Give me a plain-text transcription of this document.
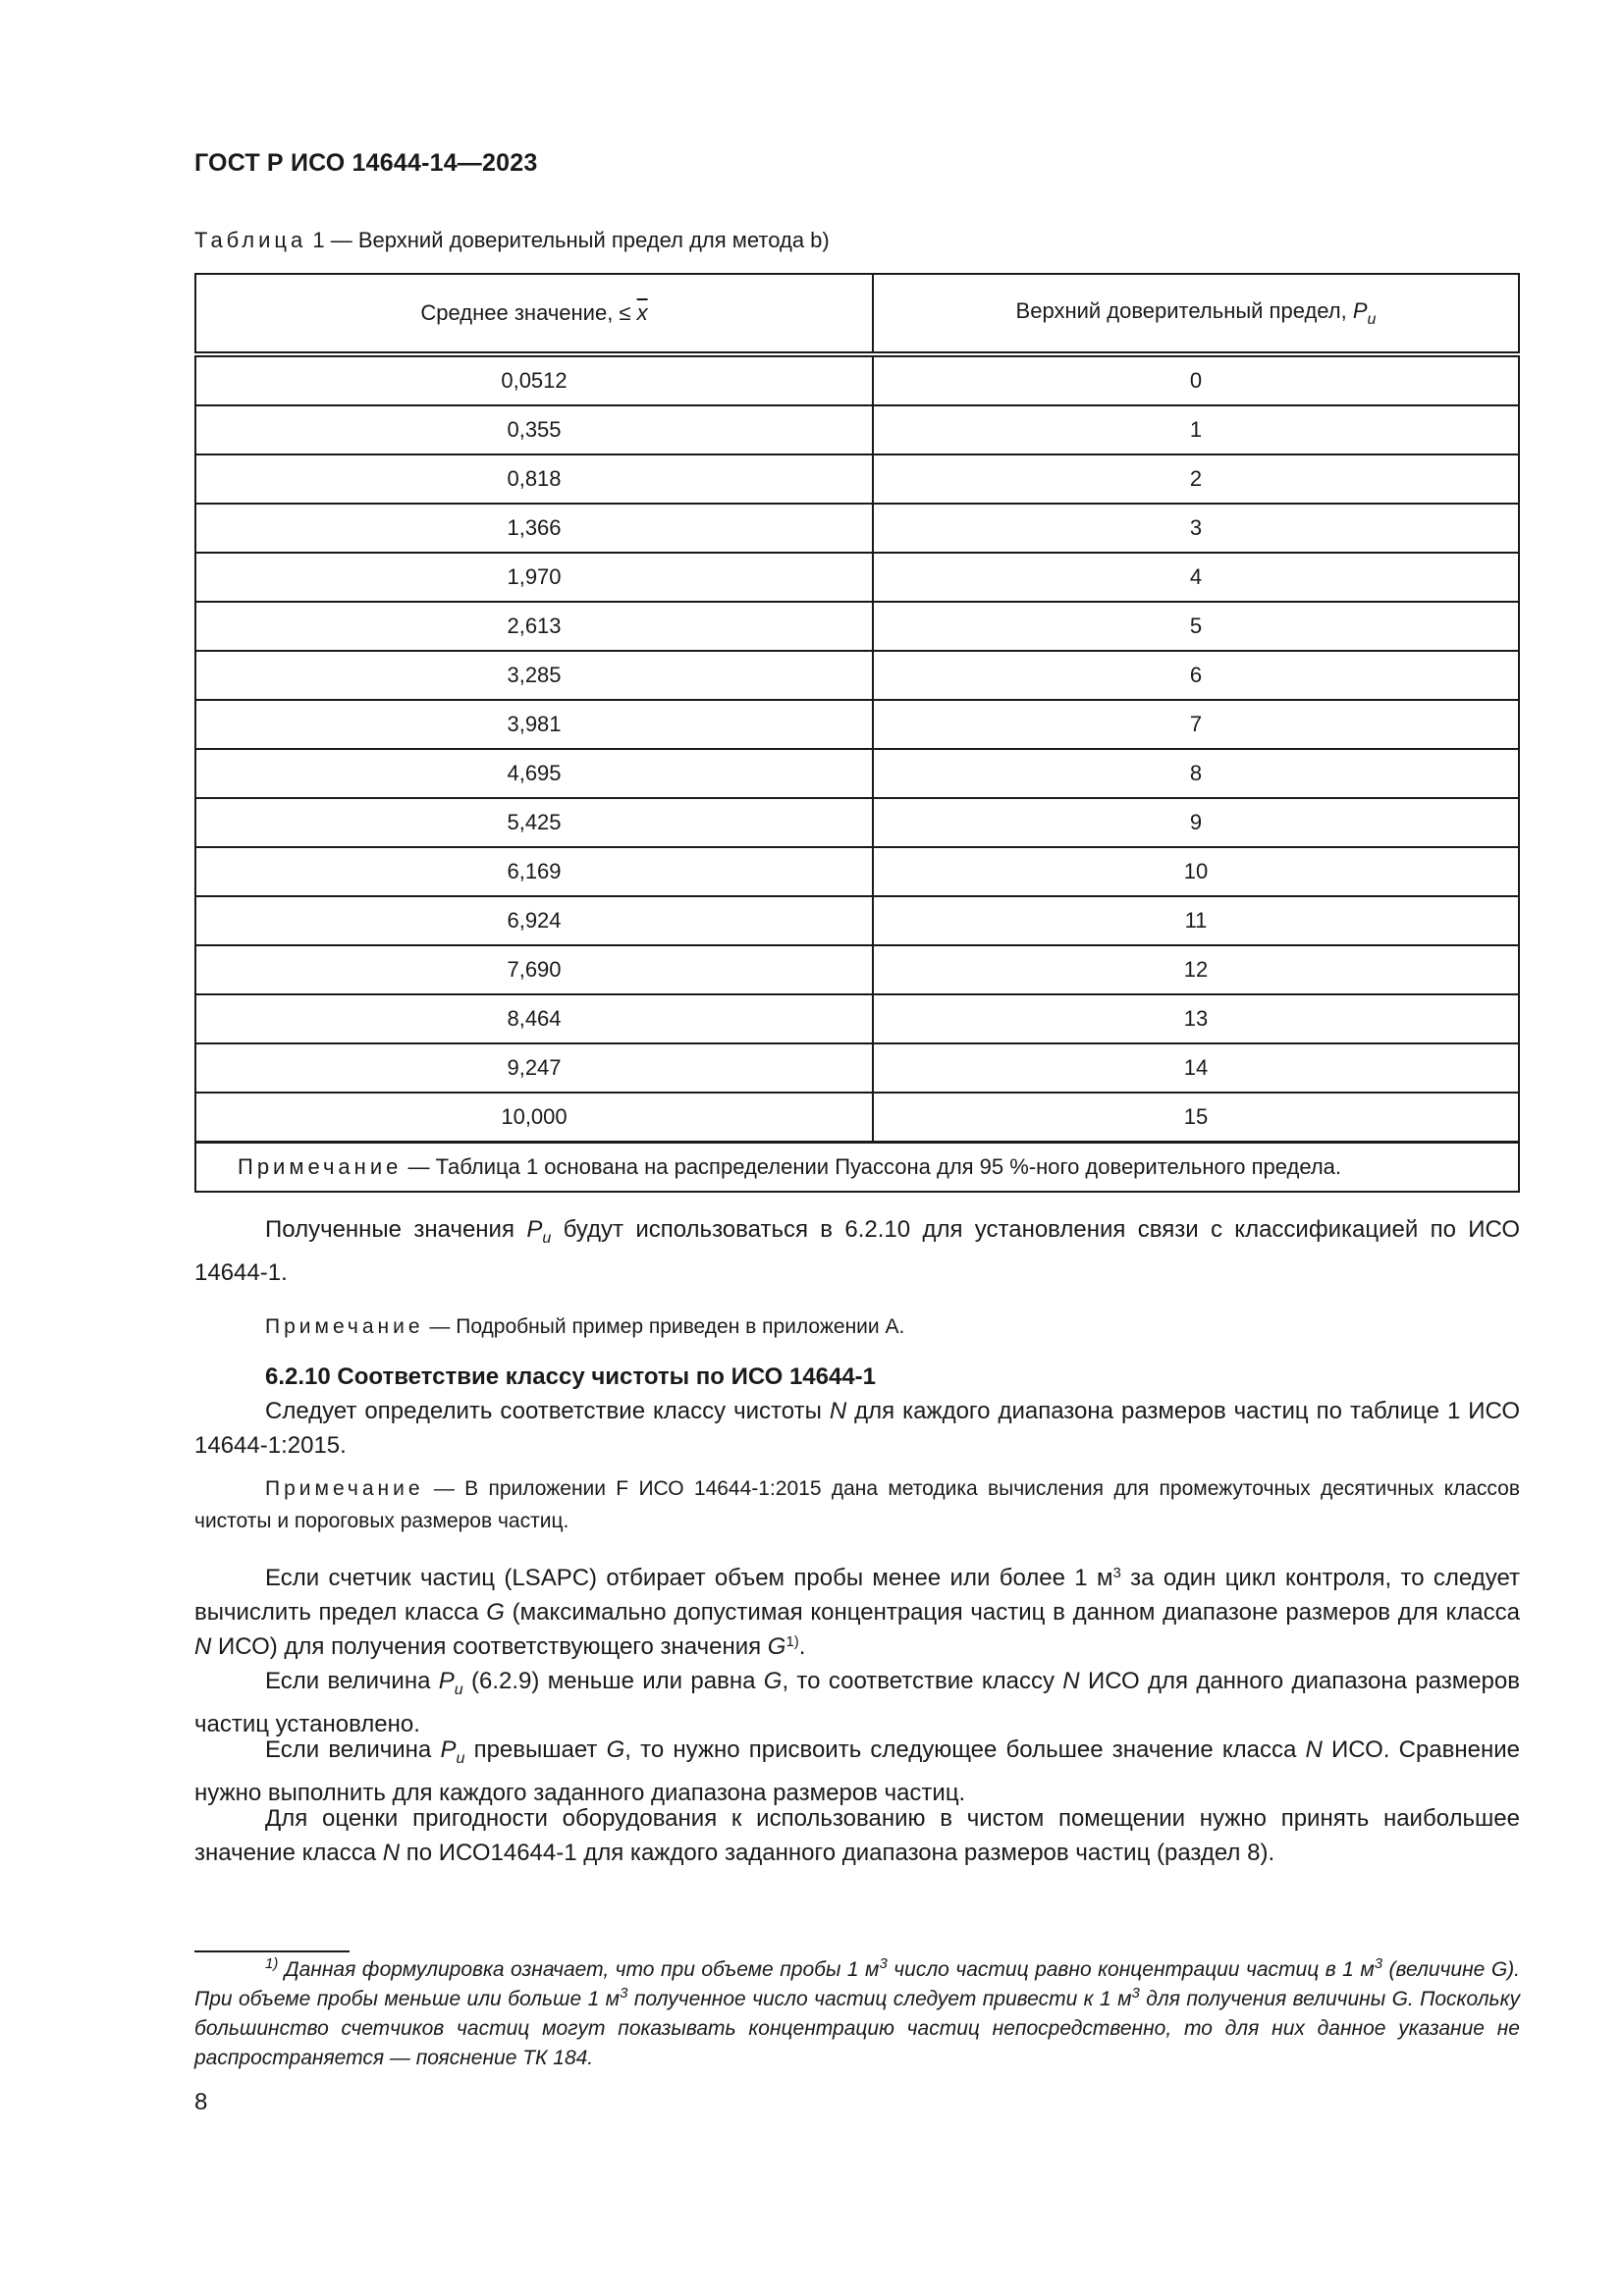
ГОСТ Р ИСО 14644-14—2023
Таблица 1 — Верхний доверительный предел для метода b)
Среднее значение, ≤ $\overline{x}$	Верхний доверительный предел, $P_u$
0,0512	0
0,355	1
0,818	2
1,366	3
1,970	4
2,613	5
3,285	6
3,981	7
4,695	8
5,425	9
6,169	10
6,924	11
7,690	12
8,464	13
9,247	14
10,000	15
Примечание — Таблица 1 основана на распределении Пуассона для 95 %-ного доверительного предела.	
Полученные значения $P_u$ будут использоваться в 6.2.10 для установления связи с классификацией по ИСО 14644-1.
Примечание — Подробный пример приведен в приложении А.
6.2.10 Соответствие классу чистоты по ИСО 14644-1
Следует определить соответствие классу чистоты N для каждого диапазона размеров частиц по таблице 1 ИСО 14644-1:2015.
Примечание — В приложении F ИСО 14644-1:2015 дана методика вычисления для промежуточных десятичных классов чистоты и пороговых размеров частиц.
Если счетчик частиц (LSAPC) отбирает объем пробы менее или более 1 $м^3$ за один цикл контроля, то следует вычислить предел класса G (максимально допустимая концентрация частиц в данном диапазоне размеров для класса N ИСО) для получения соответствующего значения $G^{1)}$.
Если величина $P_u$ (6.2.9) меньше или равна G, то соответствие классу N ИСО для данного диапазона размеров частиц установлено.
Если величина $P_u$ превышает G, то нужно присвоить следующее большее значение класса N ИСО. Сравнение нужно выполнить для каждого заданного диапазона размеров частиц.
Для оценки пригодности оборудования к использованию в чистом помещении нужно принять наибольшее значение класса N по ИСО14644-1 для каждого заданного диапазона размеров частиц (раздел 8).
$^{1)}$ Данная формулировка означает, что при объеме пробы 1 $м^3$ число частиц равно концентрации частиц в 1 $м^3$ (величине G). При объеме пробы меньше или больше 1 $м^3$ полученное число частиц следует привести к 1 $м^3$ для получения величины G. Поскольку большинство счетчиков частиц могут показывать концентрацию частиц непосредственно, то для них данное указание не распространяется — пояснение ТК 184.
8
